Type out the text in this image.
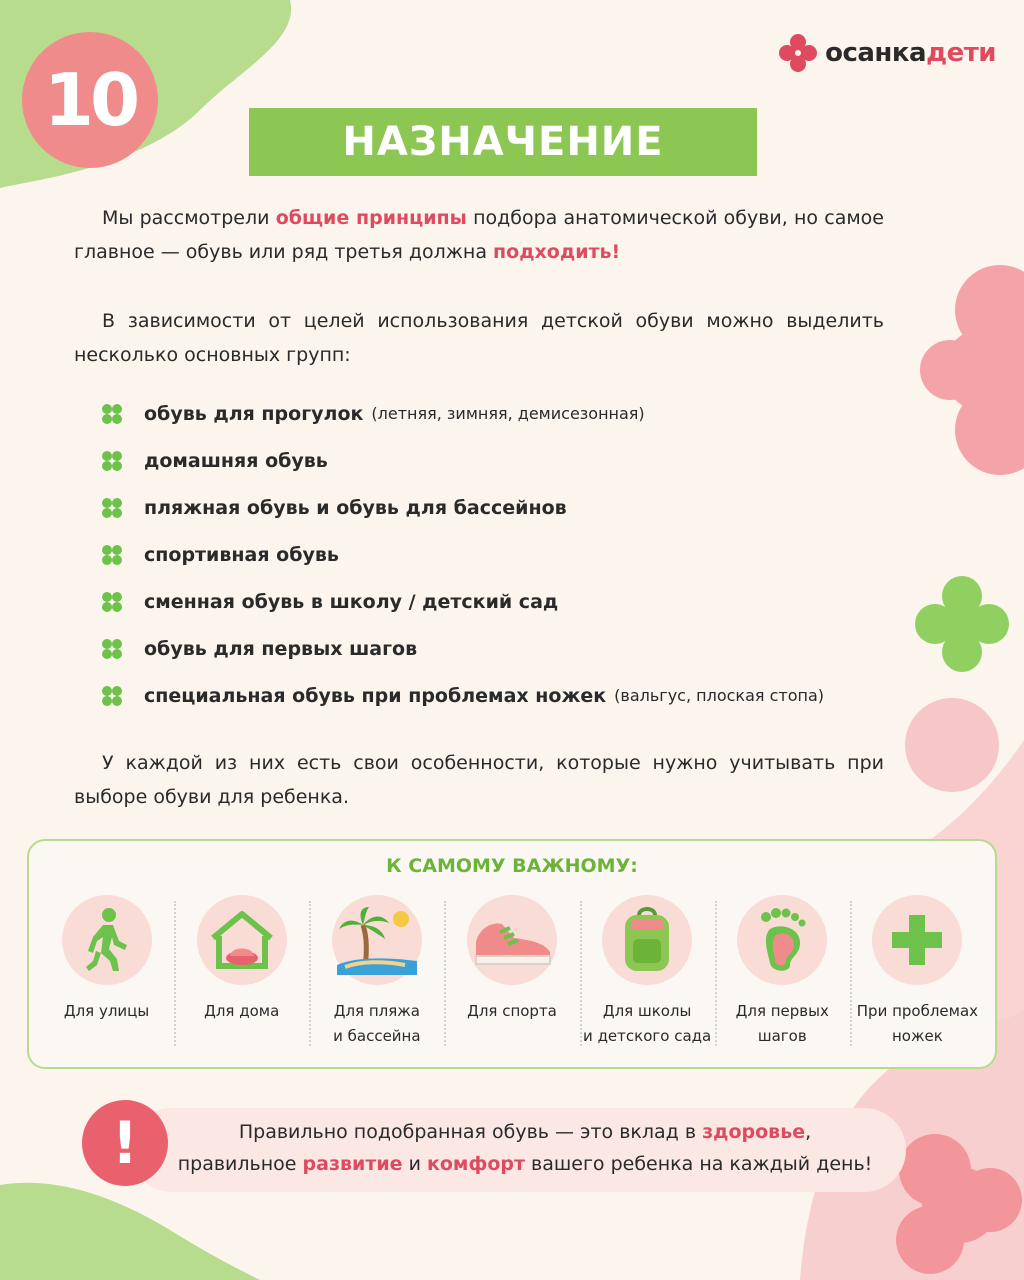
10
осанкадети
НАЗНАЧЕНИЕ
Мы рассмотрели общие принципы подбора анатомической обуви, но самое главное — обувь или ряд третья должна подходить!
В зависимости от целей использования детской обуви можно выделить несколько основных групп:
обувь для прогулок (летняя, зимняя, демисезонная)
домашняя обувь
пляжная обувь и обувь для бассейнов
спортивная обувь
сменная обувь в школу / детский сад
обувь для первых шагов
специальная обувь при проблемах ножек (вальгус, плоская стопа)
У каждой из них есть свои особенности, которые нужно учитывать при выборе обуви для ребенка.
К САМОМУ ВАЖНОМУ:
Для улицы	Для дома	Для пляжа
и бассейна
Для спорта	Для школы
и детского сада
Для первых
шагов
При проблемах
ножек
!	Правильно подобранная обувь — это вклад в здоровье,
правильное развитие и комфорт вашего ребенка на каждый день!
